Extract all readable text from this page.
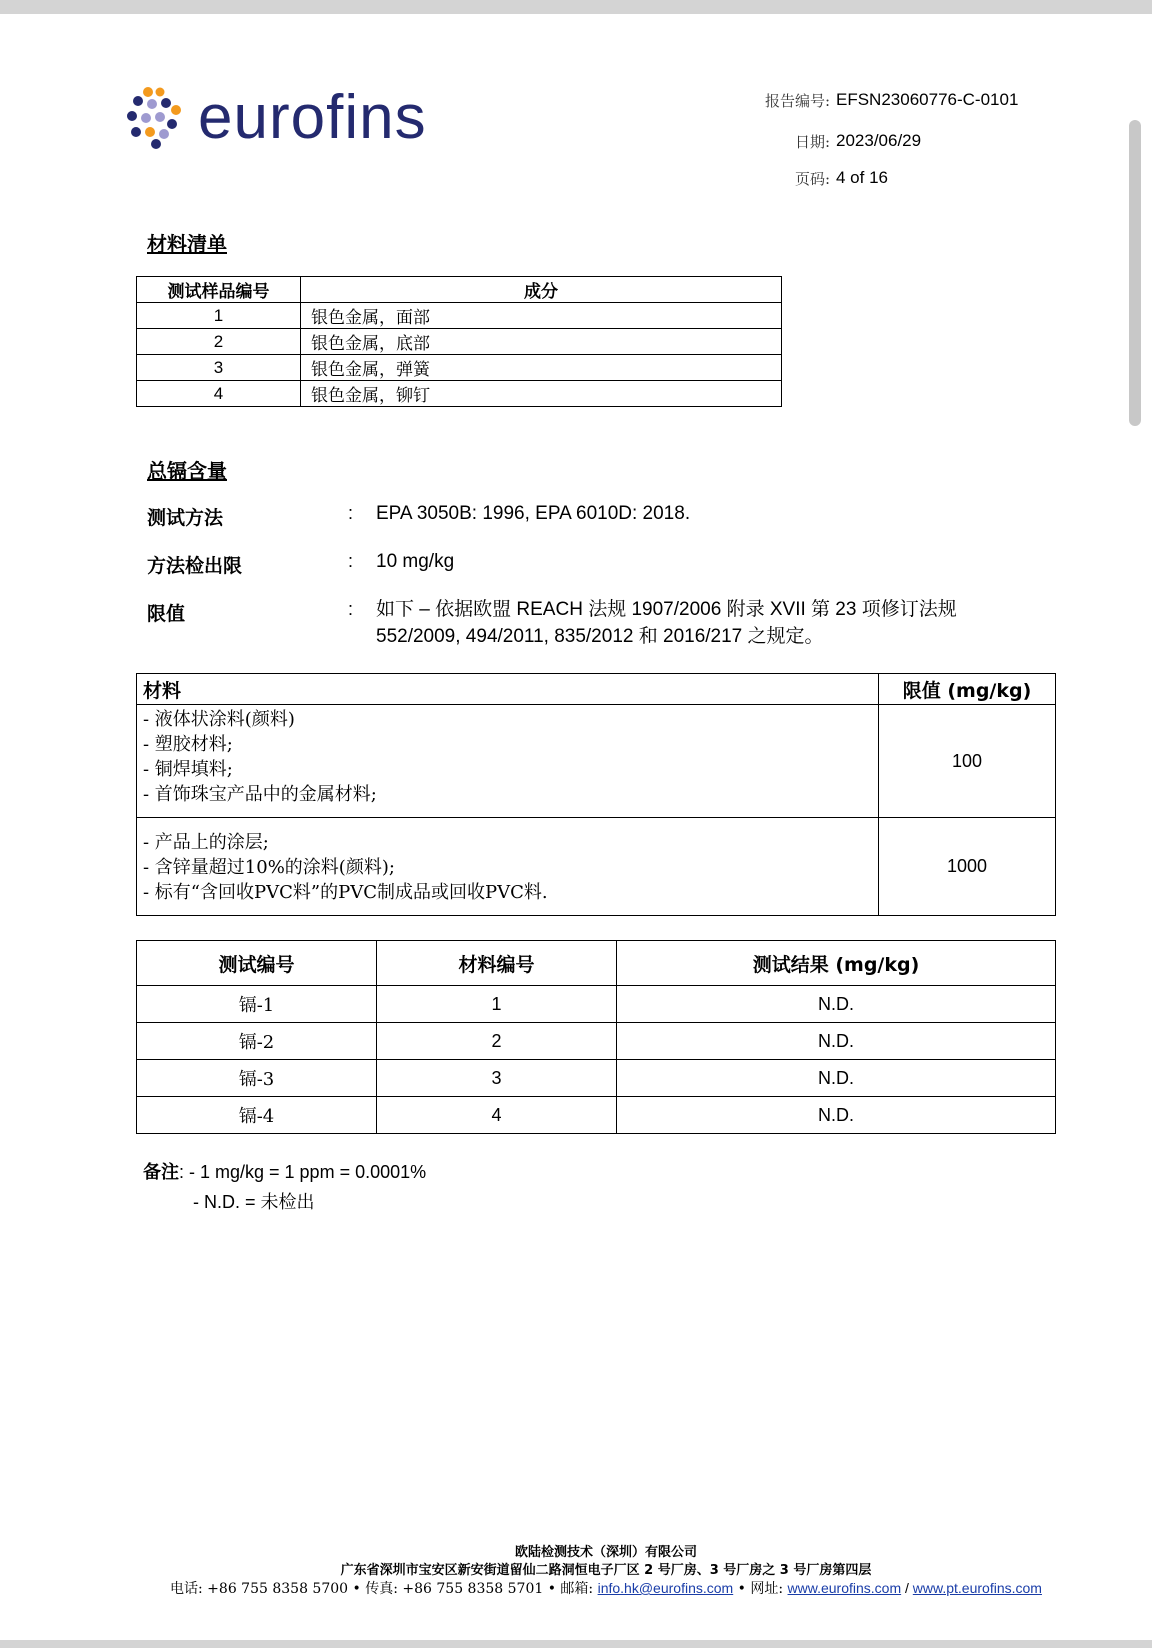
eurofins	报告编号: EFSN23060776-C-0101
日期: 2023/06/29
页码: 4 of 16
材料清单
测试样品编号	成分
1	银色金属，面部
2	银色金属，底部
3	银色金属，弹簧
4	银色金属，铆钉
总镉含量
测试方法	: EPA 3050B: 1996, EPA 6010D: 2018.
方法检出限	: 10 mg/kg
限值	: 如下 – 依据欧盟 REACH 法规 1907/2006 附录 XVII 第 23 项修订法规
552/2009, 494/2011, 835/2012 和 2016/217 之规定。
材料	限值 (mg/kg)

- 液体状涂料(颜料)
- 塑胶材料;
- 铜焊填料;
- 首饰珠宝产品中的金属材料;	100

- 产品上的涂层;
- 含锌量超过10%的涂料(颜料);
- 标有“含回收PVC料”的PVC制成品或回收PVC料.	1000
测试编号	材料编号	测试结果 (mg/kg)
镉-1	1	N.D.
镉-2	2	N.D.
镉-3	3	N.D.
镉-4	4	N.D.
备注: - 1 mg/kg = 1 ppm = 0.0001%
- N.D. = 未检出
欧陆检测技术（深圳）有限公司
广东省深圳市宝安区新安街道留仙二路洞恒电子厂区 2 号厂房、3 号厂房之 3 号厂房第四层
电话: +86 755 8358 5700 • 传真: +86 755 8358 5701 • 邮箱: info.hk@eurofins.com • 网址: www.eurofins.com / www.pt.eurofins.com
